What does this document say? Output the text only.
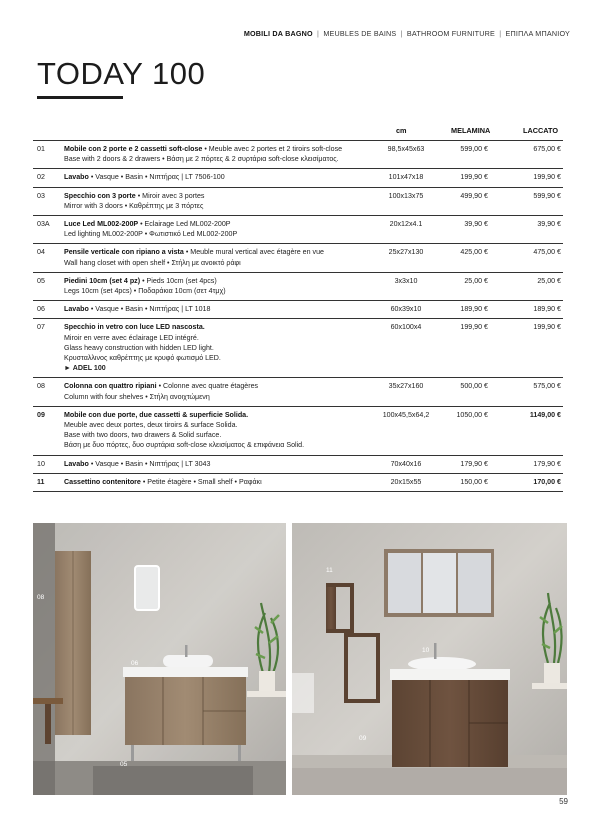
MOBILI DA BAGNO | MEUBLES DE BAINS | BATHROOM FURNITURE | ΕΠΙΠΛΑ ΜΠΑΝΙΟΥ
TODAY 100
cm	MELAMINA	LACCATO
01	Mobile con 2 porte e 2 cassetti soft-close • Meuble avec 2 portes et 2 tiroirs soft-close
Base with 2 doors & 2 drawers • Βάση με 2 πόρτες & 2 συρτάρια soft-close κλεισίματος.
98,5x45x63	599,00 €	675,00 €
02	Lavabo • Vasque • Basin • Νιπτήρας | LT 7506-100	101x47x18	199,90 €	199,90 €
03	Specchio con 3 porte • Miroir avec 3 portes
Mirror with 3 doors • Καθρέπτης με 3 πόρτες
100x13x75	499,90 €	599,90 €
03A Luce Led ML002-200P • Eclairage Led ML002-200P
Led lighting ML002-200P • Φωτιστικό Led ML002-200P
20x12x4.1	39,90 €	39,90 €
04	Pensile verticale con ripiano a vista • Meuble mural vertical avec étagère en vue
Wall hang closet with open shelf • Στήλη με ανοικτό ράφι
25x27x130	425,00 €	475,00 €
05	Piedini 10cm (set 4 pz) • Pieds 10cm (set 4pcs)
Legs 10cm (set 4pcs) • Ποδαράκια 10cm (σετ 4τμχ)
3x3x10	25,00 €	25,00 €
06	Lavabo • Vasque • Basin • Νιπτήρας | LT 1018	60x39x10	189,90 €	189,90 €
07	Specchio in vetro con luce LED nascosta.
Miroir en verre avec éclairage LED intégré.
Glass heavy construction with hidden LED light.
Κρυσταλλινος καθρέπτης με κρυφό φωτισμό LED.
► ADEL 100
60x100x4	199,90 €	199,90 €
08	Colonna con quattro ripiani • Colonne avec quatre étagères
Column with four shelves • Στήλη ανοιχτώμενη
35x27x160	500,00 €	575,00 €
09	Mobile con due porte, due cassetti & superficie Solida.
Meuble avec deux portes, deux tiroirs & surface Solida.
Base with two doors, two drawers & Solid surface.
Βάση με δυο πόρτες, δυο συρτάρια soft-close κλεισίματος & επιφάνεια Solid.
100x45,5x64,2	1050,00 €	1149,00 €
10	Lavabo • Vasque • Basin • Νιπτήρας | LT 3043	70x40x16	179,90 €	179,90 €
11	Cassettino contenitore • Petite étagère • Small shelf • Ραφάκι	20x15x55	150,00 €	170,00 €
08
06
05
11
10
09
59
